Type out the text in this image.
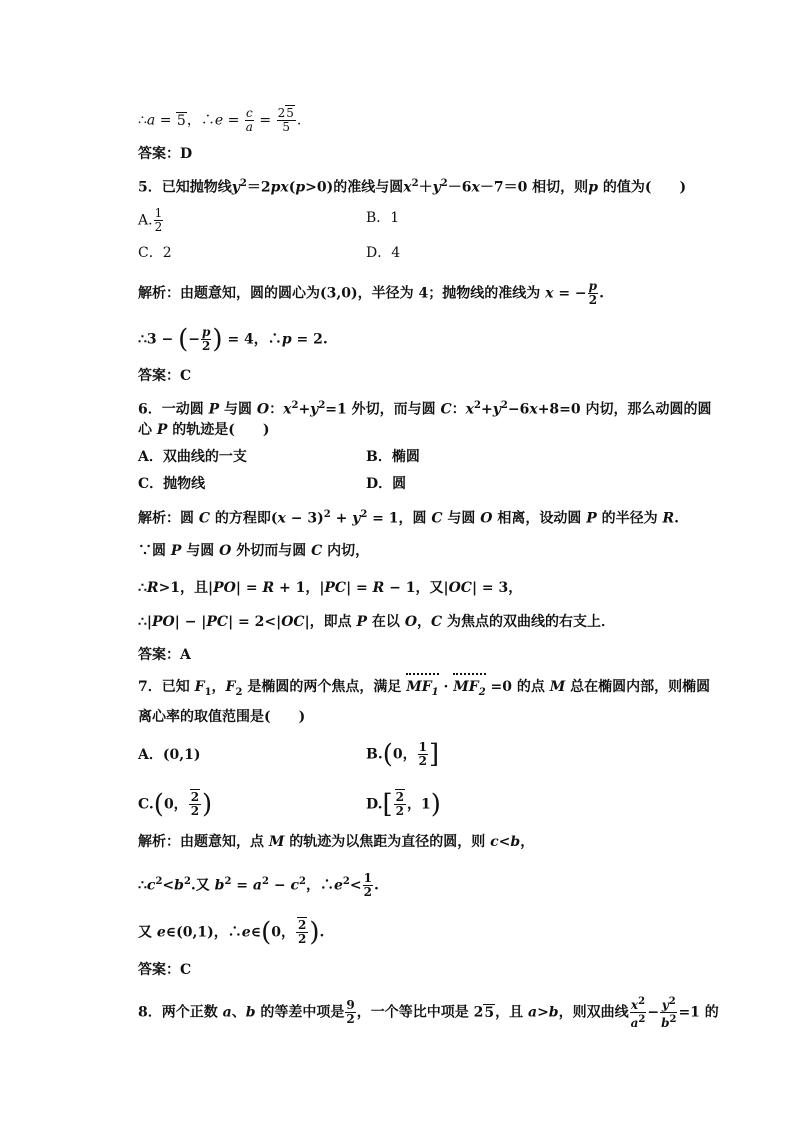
∴a = 5，∴e = $\frac{c}{a} = \frac{25}{5}$ .
答案：D
5．已知抛物线$y^2=2px(p>0)$的准线与圆$x^2+y^2-6x-7=0$ 相切，则p 的值为(　　)
A. $\frac{1}{2}$	B．1
C．2	D．4
解析：由题意知，圆的圆心为(3,0)，半径为 4；抛物线的准线为 x = − $\frac{p}{2}$ .
∴3 − (− $\frac{p}{2}$ ) = 4，∴p = 2.
答案：C
6．一动圆 P 与圆 O：$x^2+y^2=1$ 外切，而与圆 C：$x^2+y^2-6x+8=0$ 内切，那么动圆的圆
心 P 的轨迹是(　　)
A．双曲线的一支	B．椭圆
C．抛物线	D．圆
解析：圆 C 的方程即$(x - 3)^2 + y^2 = 1$，圆 C 与圆 O 相离，设动圆 P 的半径为 R.
∵圆 P 与圆 O 外切而与圆 C 内切，
∴R>1，且|PO| = R + 1，|PC| = R − 1，又|OC| = 3，
∴|PO| − |PC| = 2<|OC|，即点 P 在以 O，C 为焦点的双曲线的右支上．
答案：A
7．已知 $F_1$，$F_2$ 是椭圆的两个焦点，满足 $MF_1 \cdot MF_2 =0$ 的点 M 总在椭圆内部，则椭圆
离心率的取值范围是(　　)
A．(0,1)	B.(0， $\frac{1}{2}$ ]
C.(0， $\frac{2}{2}$ )	$D.[ \frac{2}{2}$ ，1)
解析：由题意知，点 M 的轨迹为以焦距为直径的圆，则 c<b，
$\therefore c^2<b^2$.又 $b^2 = a^2 - c^2$，$\therefore e^2< \frac{1}{2}$ .
又 e∈(0,1)，∴e∈(0， $\frac{2}{2}$ ).
答案：C
8．两个正数 a、b 的等差中项是 $\frac{9}{2}$ ，一个等比中项是 25，且 a>b，则双曲线 $\frac{x^2}{a^2} - \frac{y^2}{b^2} =1$ 的
